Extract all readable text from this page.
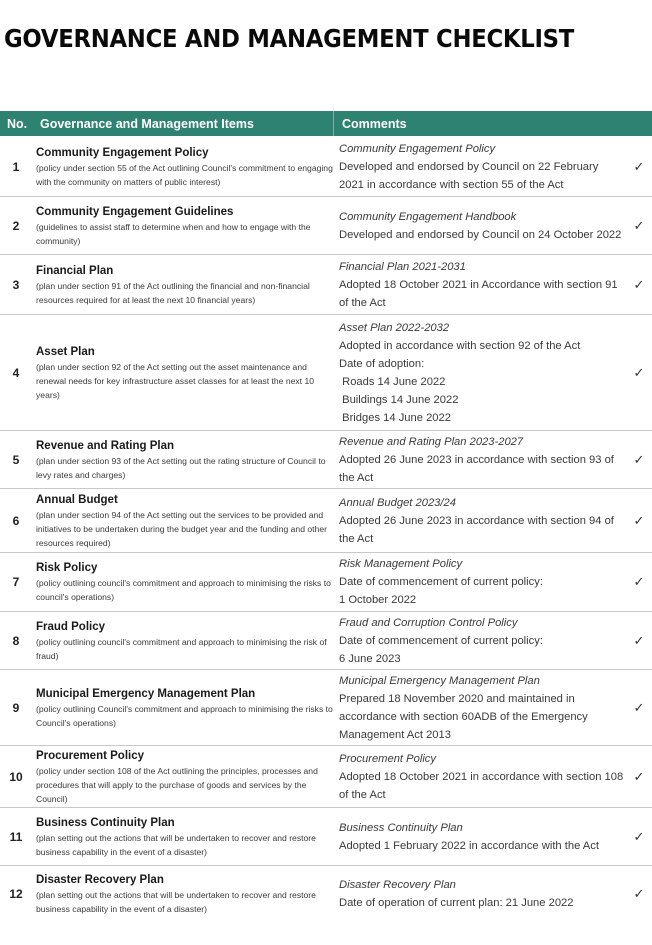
GOVERNANCE AND MANAGEMENT CHECKLIST
No.	Governance and Management Items	Comments
1
Community Engagement Policy
(policy under section 55 of the Act outlining Council's commitment to engaging with the community on matters of public interest)
Community Engagement Policy
Developed and endorsed by Council on 22 February 2021 in accordance with section 55 of the Act
✓
2
Community Engagement Guidelines
(guidelines to assist staff to determine when and how to engage with the community)
Community Engagement Handbook
Developed and endorsed by Council on 24 October 2022
✓
3
Financial Plan
(plan under section 91 of the Act outlining the financial and non-financial resources required for at least the next 10 financial years)
Financial Plan 2021-2031
Adopted 18 October 2021 in Accordance with section 91 of the Act
✓
4
Asset Plan
(plan under section 92 of the Act setting out the asset maintenance and renewal needs for key infrastructure asset classes for at least the next 10 years)
Asset Plan 2022-2032
Adopted in accordance with section 92 of the Act
Date of adoption:
Roads 14 June 2022
Buildings 14 June 2022
Bridges 14 June 2022
✓
5
Revenue and Rating Plan
(plan under section 93 of the Act setting out the rating structure of Council to levy rates and charges)
Revenue and Rating Plan 2023-2027
Adopted 26 June 2023 in accordance with section 93 of the Act
✓
6
Annual Budget
(plan under section 94 of the Act setting out the services to be provided and initiatives to be undertaken during the budget year and the funding and other resources required)
Annual Budget 2023/24
Adopted 26 June 2023 in accordance with section 94 of the Act
✓
7
Risk Policy
(policy outlining council's commitment and approach to minimising the risks to council's operations)
Risk Management Policy
Date of commencement of current policy:
1 October 2022
✓
8
Fraud Policy
(policy outlining council's commitment and approach to minimising the risk of fraud)
Fraud and Corruption Control Policy
Date of commencement of current policy:
6 June 2023
✓
9
Municipal Emergency Management Plan
(policy outlining Council's commitment and approach to minimising the risks to Council's operations)
Municipal Emergency Management Plan
Prepared 18 November 2020 and maintained in accordance with section 60ADB of the Emergency Management Act 2013
✓
10
Procurement Policy
(policy under section 108 of the Act outlining the principles, processes and procedures that will apply to the purchase of goods and services by the Council)
Procurement Policy
Adopted 18 October 2021 in accordance with section 108 of the Act
✓
11
Business Continuity Plan
(plan setting out the actions that will be undertaken to recover and restore business capability in the event of a disaster)
Business Continuity Plan
Adopted 1 February 2022 in accordance with the Act
✓
12
Disaster Recovery Plan
(plan setting out the actions that will be undertaken to recover and restore business capability in the event of a disaster)
Disaster Recovery Plan
Date of operation of current plan: 21 June 2022
✓
